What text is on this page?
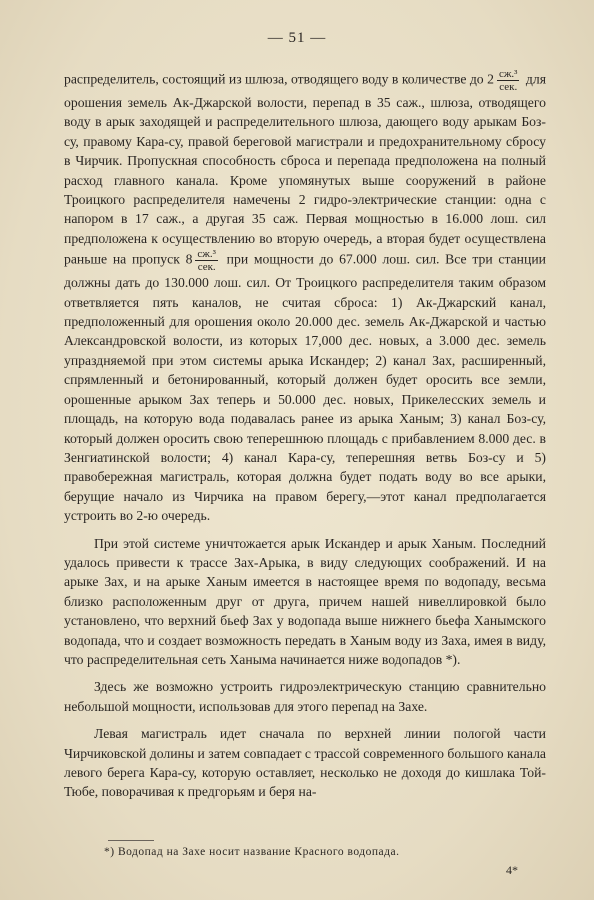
— 51 —

распределитель, состоящий из шлюза, отводящего воду в количестве до $2 \frac{\text{сж.³}}{\text{сек.}}$ для орошения земель Ак-Джарской волости, перепад в 35 саж., шлюза, отводящего воду в арык заходящей и распределительного шлюза, дающего воду арыкам Боз-су, правому Кара-су, правой береговой магистрали и предохранительному сбросу в Чирчик. Пропускная способность сброса и перепада предположена на полный расход главного канала. Кроме упомянутых выше сооружений в районе Троицкого распределителя намечены 2 гидро-электрические станции: одна с напором в 17 саж., а другая 35 саж. Первая мощностью в 16.000 лош. сил предположена к осуществлению во вторую очередь, а вторая будет осуществлена раньше на пропуск $8 \frac{\text{сж.³}}{\text{сек.}}$ при мощности до 67.000 лош. сил. Все три станции должны дать до 130.000 лош. сил. От Троицкого распределителя таким образом ответвляется пять каналов, не считая сброса: 1) Ак-Джарский канал, предположенный для орошения около 20.000 дес. земель Ак-Джарской и частью Александровской волости, из которых 17,000 дес. новых, а 3.000 дес. земель упраздняемой при этом системы арыка Искандер; 2) канал Зах, расширенный, спрямленный и бетонированный, который должен будет оросить все земли, орошенные арыком Зах теперь и 50.000 дес. новых, Прикелесских земель и площадь, на которую вода подавалась ранее из арыка Ханым; 3) канал Боз-су, который должен оросить свою теперешнюю площадь с прибавлением 8.000 дес. в Зенгиатинской волости; 4) канал Кара-су, теперешняя ветвь Боз-су и 5) правобережная магистраль, которая должна будет подать воду во все арыки, берущие начало из Чирчика на правом берегу,—этот канал предполагается устроить во 2-ю очередь.

При этой системе уничтожается арык Искандер и арык Ханым. Последний удалось привести к трассе Зах-Арыка, в виду следующих соображений. И на арыке Зах, и на арыке Ханым имеется в настоящее время по водопаду, весьма близко расположенным друг от друга, причем нашей нивеллировкой было установлено, что верхний бьеф Зах у водопада выше нижнего бьефа Ханымского водопада, что и создает возможность передать в Ханым воду из Заха, имея в виду, что распределительная сеть Ханыма начинается ниже водопадов *).

Здесь же возможно устроить гидроэлектрическую станцию сравнительно небольшой мощности, использовав для этого перепад на Захе.

Левая магистраль идет сначала по верхней линии пологой части Чирчиковской долины и затем совпадает с трассой современного большого канала левого берега Кара-су, которую оставляет, несколько не доходя до кишлака Той-Тюбе, поворачивая к предгорьям и беря на-

*) Водопад на Захе носит название Красного водопада.
4*
